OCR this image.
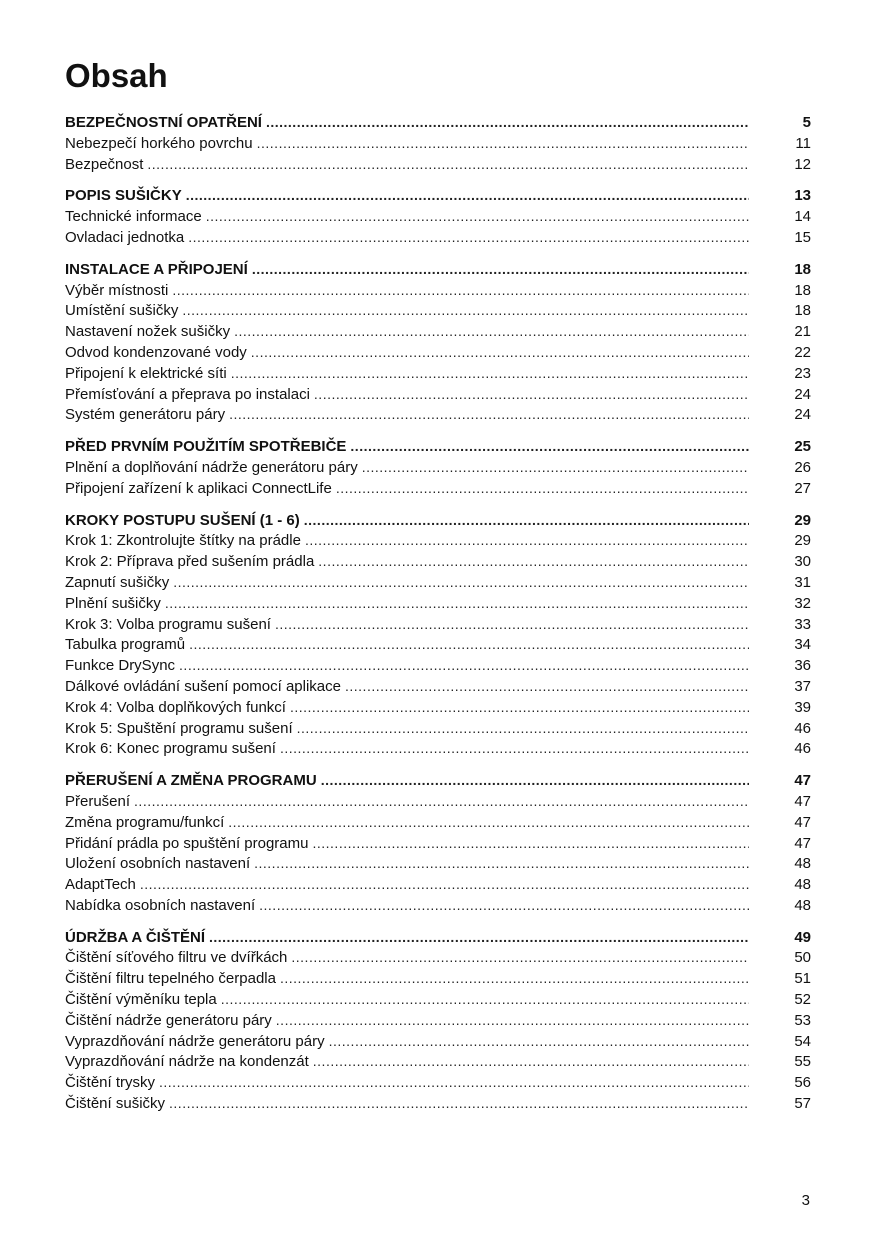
Obsah
BEZPEČNOSTNÍ OPATŘENÍ .....	5
Nebezpečí horkého povrchu .....	11
Bezpečnost .....	12
POPIS SUŠIČKY .....	13
Technické informace .....	14
Ovladaci jednotka .....	15
INSTALACE A PŘIPOJENÍ .....	18
Výběr místnosti .....	18
Umístění sušičky .....	18
Nastavení nožek sušičky .....	21
Odvod kondenzované vody .....	22
Připojení k elektrické síti .....	23
Přemísťování a přeprava po instalaci .....	24
Systém generátoru páry .....	24
PŘED PRVNÍM POUŽITÍM SPOTŘEBIČE .....	25
Plnění a doplňování nádrže generátoru páry .....	26
Připojení zařízení k aplikaci ConnectLife .....	27
KROKY POSTUPU SUŠENÍ (1 - 6) .....	29
Krok 1: Zkontrolujte štítky na prádle .....	29
Krok 2: Příprava před sušením prádla .....	30
Zapnutí sušičky .....	31
Plnění sušičky .....	32
Krok 3: Volba programu sušení .....	33
Tabulka programů .....	34
Funkce DrySync .....	36
Dálkové ovládání sušení pomocí aplikace .....	37
Krok 4: Volba doplňkových funkcí .....	39
Krok 5: Spuštění programu sušení .....	46
Krok 6: Konec programu sušení .....	46
PŘERUŠENÍ A ZMĚNA PROGRAMU .....	47
Přerušení .....	47
Změna programu/funkcí .....	47
Přidání prádla po spuštění programu .....	47
Uložení osobních nastavení .....	48
AdaptTech .....	48
Nabídka osobních nastavení .....	48
ÚDRŽBA A ČIŠTĚNÍ .....	49
Čištění síťového filtru ve dvířkách .....	50
Čištění filtru tepelného čerpadla .....	51
Čištění výměníku tepla .....	52
Čištění nádrže generátoru páry .....	53
Vyprazdňování nádrže generátoru páry .....	54
Vyprazdňování nádrže na kondenzát .....	55
Čištění trysky .....	56
Čištění sušičky .....	57
3
